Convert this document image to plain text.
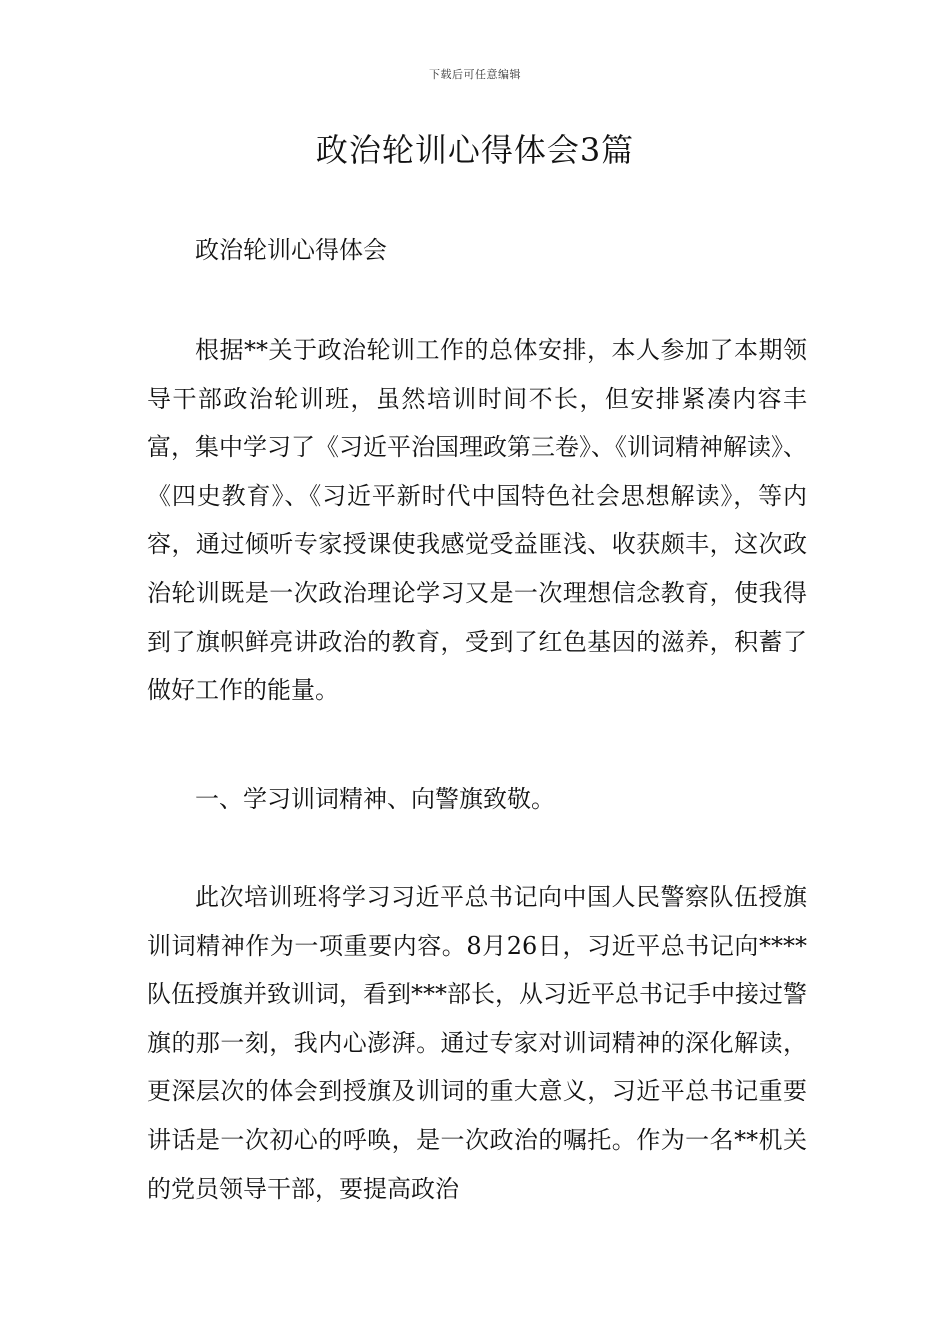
下载后可任意编辑
政治轮训心得体会3篇

政治轮训心得体会

根据**关于政治轮训工作的总体安排，本人参加了本期领导干部政治轮训班，虽然培训时间不长，但安排紧凑内容丰富，集中学习了《习近平治国理政第三卷》、《训词精神解读》、《四史教育》、《习近平新时代中国特色社会思想解读》，等内容，通过倾听专家授课使我感觉受益匪浅、收获颇丰，这次政治轮训既是一次政治理论学习又是一次理想信念教育，使我得到了旗帜鲜亮讲政治的教育，受到了红色基因的滋养，积蓄了做好工作的能量。

一、学习训词精神、向警旗致敬。

此次培训班将学习习近平总书记向中国人民警察队伍授旗训词精神作为一项重要内容。8月26日，习近平总书记向****队伍授旗并致训词，看到***部长，从习近平总书记手中接过警旗的那一刻，我内心澎湃。通过专家对训词精神的深化解读，更深层次的体会到授旗及训词的重大意义，习近平总书记重要讲话是一次初心的呼唤，是一次政治的嘱托。作为一名**机关的党员领导干部，要提高政治
